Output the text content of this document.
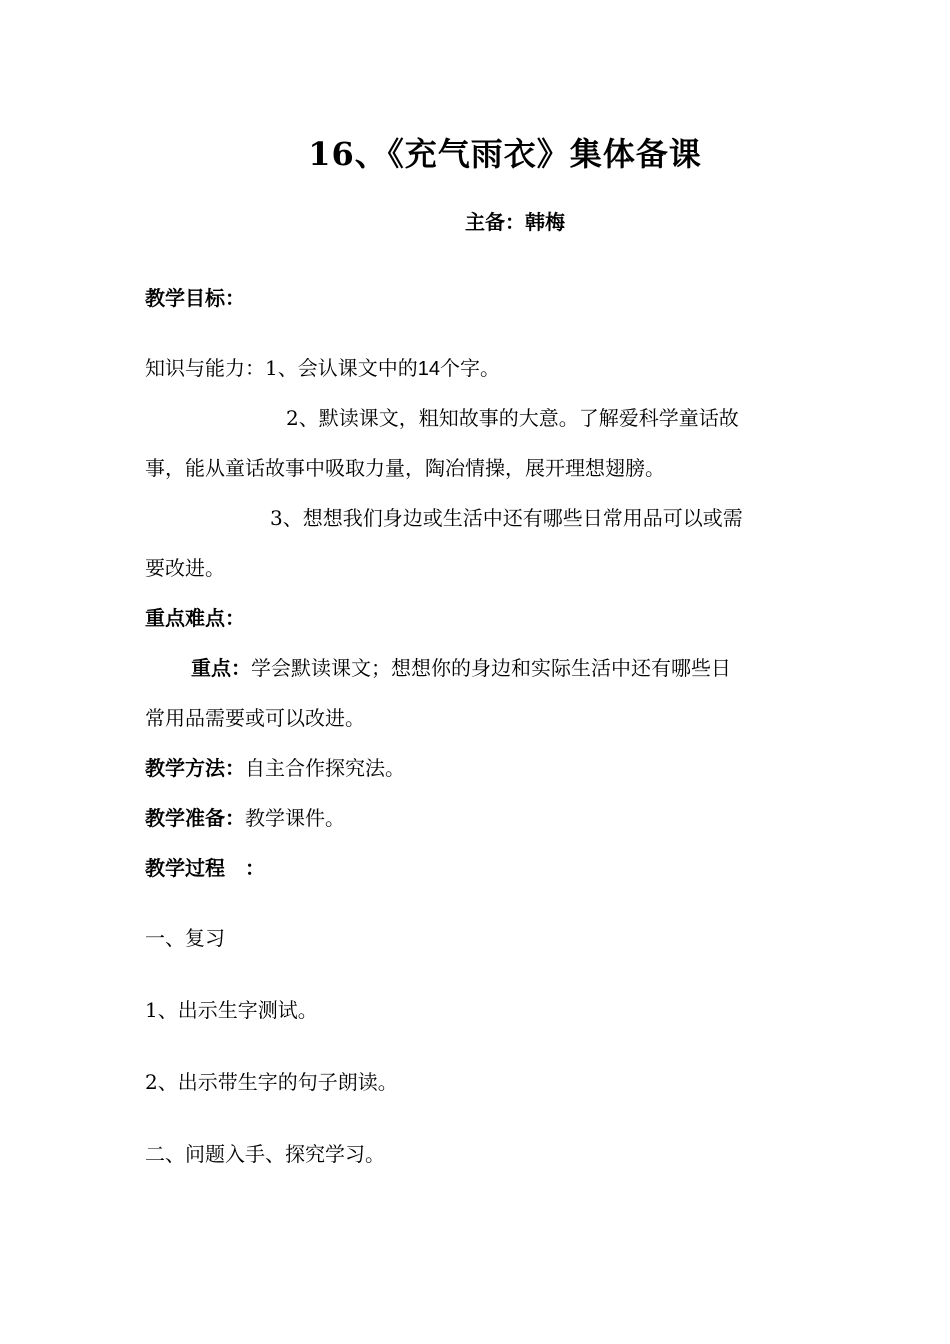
16、《充气雨衣》集体备课
主备：韩梅
教学目标：
知识与能力：1、会认课文中的14个字。
2、默读课文，粗知故事的大意。了解爱科学童话故
事，能从童话故事中吸取力量，陶冶情操，展开理想翅膀。
3、想想我们身边或生活中还有哪些日常用品可以或需
要改进。
重点难点：
重点：学会默读课文；想想你的身边和实际生活中还有哪些日
常用品需要或可以改进。
教学方法：自主合作探究法。
教学准备：教学课件。
教学过程　：
一、复习
1、出示生字测试。
2、出示带生字的句子朗读。
二、问题入手、探究学习。
